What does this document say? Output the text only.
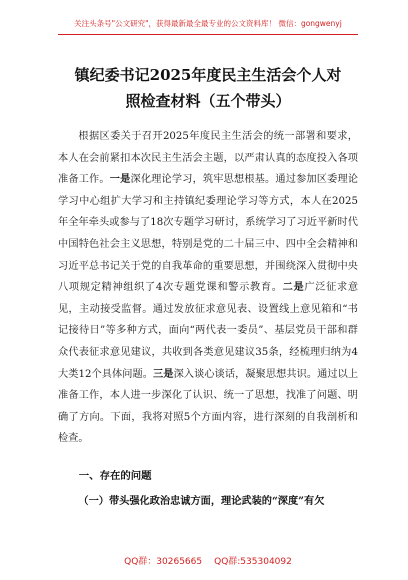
关注头条号"公文研究"，获得最新最全最专业的公文资料库！ 微信：gongwenyj
镇纪委书记2025年度民主生活会个人对
照检查材料（五个带头）

根据区委关于召开2025年度民主生活会的统一部署和要求，本人在会前紧扣本次民主生活会主题，以严肃认真的态度投入各项准备工作。一是深化理论学习，筑牢思想根基。通过参加区委理论学习中心组扩大学习和主持镇纪委理论学习等方式，本人在2025年全年牵头或参与了18次专题学习研讨，系统学习了习近平新时代中国特色社会主义思想，特别是党的二十届三中、四中全会精神和习近平总书记关于党的自我革命的重要思想，并围绕深入贯彻中央八项规定精神组织了4次专题党课和警示教育。二是广泛征求意见，主动接受监督。通过发放征求意见表、设置线上意见箱和“书记接待日”等多种方式，面向“两代表一委员”、基层党员干部和群众代表征求意见建议，共收到各类意见建议35条，经梳理归纳为4大类12个具体问题。三是深入谈心谈话，凝聚思想共识。通过以上准备工作，本人进一步深化了认识、统一了思想，找准了问题、明确了方向。下面，我将对照5个方面内容，进行深刻的自我剖析和检查。

一、存在的问题
（一）带头强化政治忠诚方面，理论武装的“深度”有欠
QQ群：30265665 QQ群:535304092
